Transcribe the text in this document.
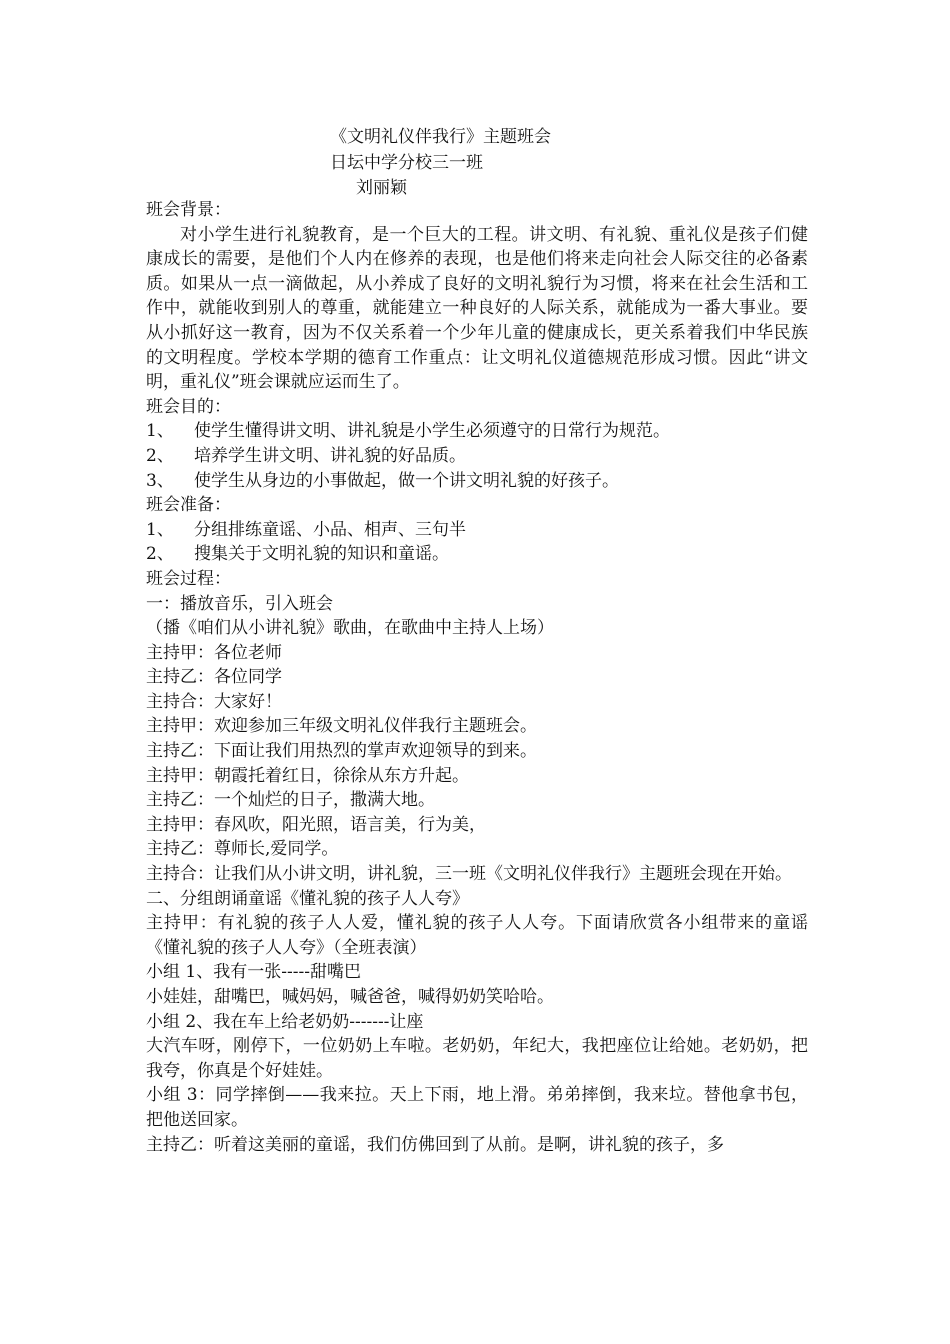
《文明礼仪伴我行》主题班会
日坛中学分校三一班
刘丽颖

班会背景：

对小学生进行礼貌教育，是一个巨大的工程。讲文明、有礼貌、重礼仪是孩子们健康成长的需要，是他们个人内在修养的表现，也是他们将来走向社会人际交往的必备素质。如果从一点一滴做起，从小养成了良好的文明礼貌行为习惯，将来在社会生活和工作中，就能收到别人的尊重，就能建立一种良好的人际关系，就能成为一番大事业。要从小抓好这一教育，因为不仅关系着一个少年儿童的健康成长，更关系着我们中华民族的文明程度。学校本学期的德育工作重点：让文明礼仪道德规范形成习惯。因此“讲文明，重礼仪”班会课就应运而生了。

班会目的：

1、 使学生懂得讲文明、讲礼貌是小学生必须遵守的日常行为规范。

2、 培养学生讲文明、讲礼貌的好品质。

3、 使学生从身边的小事做起，做一个讲文明礼貌的好孩子。

班会准备：

1、 分组排练童谣、小品、相声、三句半

2、 搜集关于文明礼貌的知识和童谣。

班会过程：

一：播放音乐，引入班会

（播《咱们从小讲礼貌》歌曲，在歌曲中主持人上场）

主持甲：各位老师

主持乙：各位同学

主持合：大家好！

主持甲：欢迎参加三年级文明礼仪伴我行主题班会。

主持乙：下面让我们用热烈的掌声欢迎领导的到来。

主持甲：朝霞托着红日，徐徐从东方升起。

主持乙：一个灿烂的日子，撒满大地。

主持甲：春风吹，阳光照，语言美，行为美，

主持乙：尊师长,爱同学。

主持合：让我们从小讲文明，讲礼貌，三一班《文明礼仪伴我行》主题班会现在开始。

二、分组朗诵童谣《懂礼貌的孩子人人夸》

主持甲：有礼貌的孩子人人爱，懂礼貌的孩子人人夸。下面请欣赏各小组带来的童谣《懂礼貌的孩子人人夸》（全班表演）

小组 1、我有一张-----甜嘴巴

小娃娃，甜嘴巴，喊妈妈，喊爸爸，喊得奶奶笑哈哈。

小组 2、我在车上给老奶奶-------让座

大汽车呀，刚停下，一位奶奶上车啦。老奶奶，年纪大，我把座位让给她。老奶奶，把我夸，你真是个好娃娃。

小组 3：同学摔倒——我来拉。天上下雨，地上滑。弟弟摔倒，我来垃。替他拿书包，把他送回家。

主持乙：听着这美丽的童谣，我们仿佛回到了从前。是啊，讲礼貌的孩子，多
